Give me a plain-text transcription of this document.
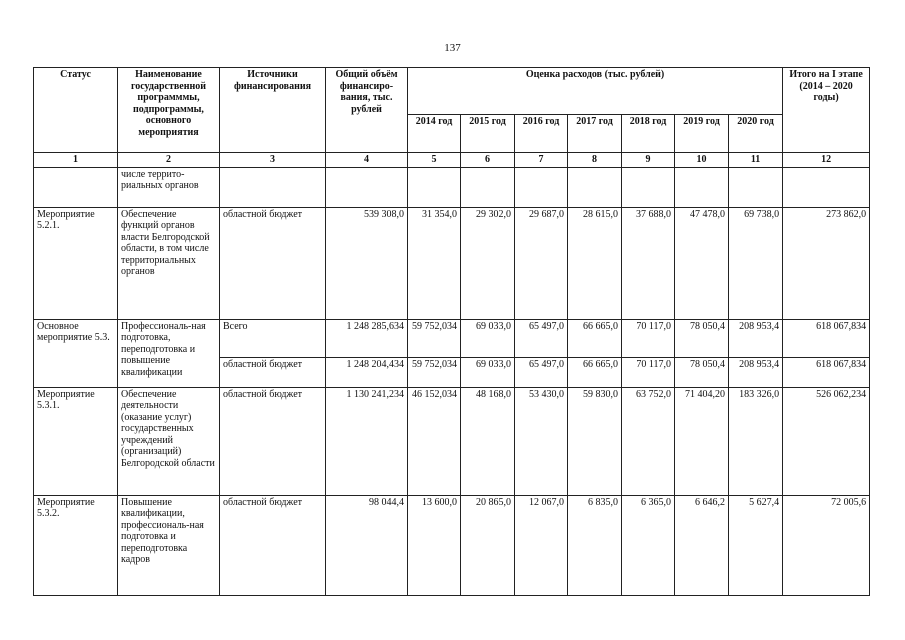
137
Статус	Наименование государственной программмы, подпрограммы, основного мероприятия	Источники финансирования	Общий объём финансиро-вания, тыс. рублей	Оценка расходов (тыс. рублей)							Итого на I этапе (2014 – 2020 годы)
				2014 год	2015 год	2016 год	2017 год	2018 год	2019 год	2020 год	
1	2	3	4	5	6	7	8	9	10	11	12
	числе террито-риальных органов										
Мероприятие 5.2.1.	Обеспечение функций органов власти Белгородской области, в том числе территориальных органов	областной бюджет	539 308,0	31 354,0	29 302,0	29 687,0	28 615,0	37 688,0	47 478,0	69 738,0	273 862,0
Основное мероприятие 5.3.	Профессиональ-ная подготовка, переподготовка и повышение квалификации	Всего	1 248 285,634	59 752,034	69 033,0	65 497,0	66 665,0	70 117,0	78 050,4	208 953,4	618 067,834
		областной бюджет	1 248 204,434	59 752,034	69 033,0	65 497,0	66 665,0	70 117,0	78 050,4	208 953,4	618 067,834
Мероприятие 5.3.1.	Обеспечение деятельности (оказание услуг) государственных учреждений (организаций) Белгородской области	областной бюджет	1 130 241,234	46 152,034	48 168,0	53 430,0	59 830,0	63 752,0	71 404,20	183 326,0	526 062,234
Мероприятие 5.3.2.	Повышение квалификации, профессиональ-ная подготовка и переподготовка кадров	областной бюджет	98 044,4	13 600,0	20 865,0	12 067,0	6 835,0	6 365,0	6 646,2	5 627,4	72 005,6
